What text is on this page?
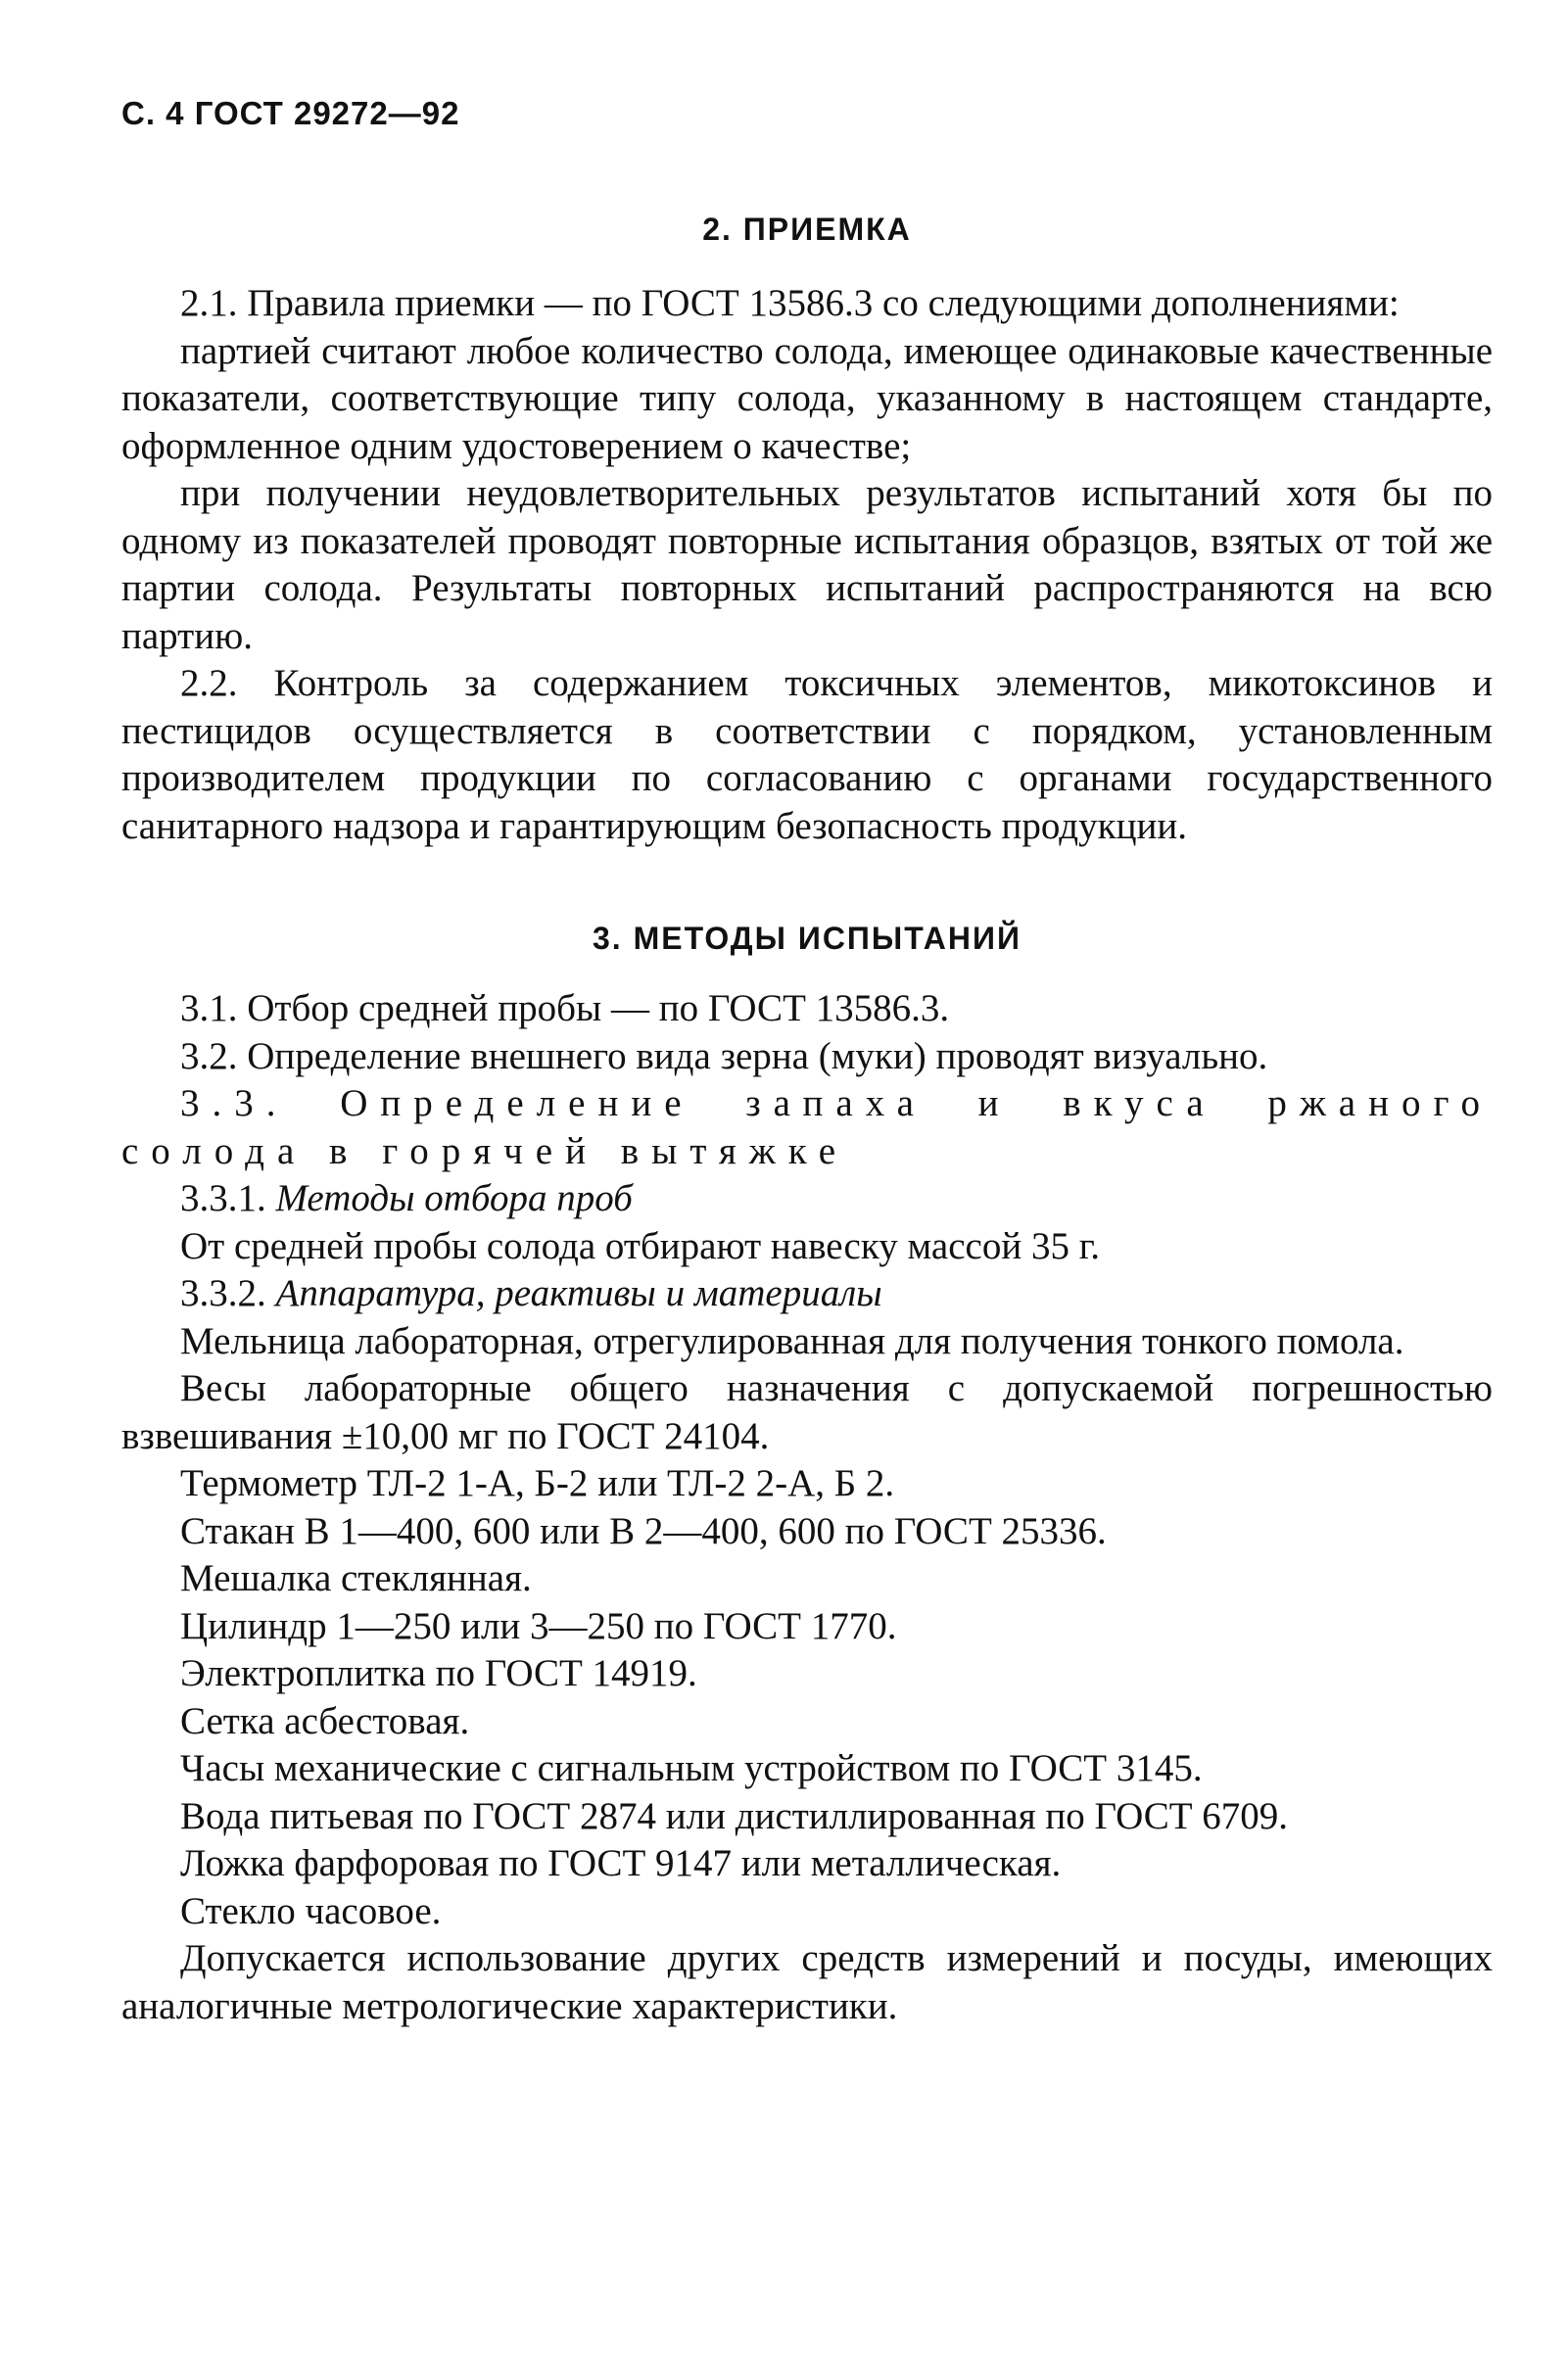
С. 4 ГОСТ 29272—92
2. ПРИЕМКА

2.1. Правила приемки — по ГОСТ 13586.3 со следующими дополнениями:

партией считают любое количество солода, имеющее одинаковые качественные показатели, соответствующие типу солода, указанному в настоящем стандарте, оформленное одним удостоверением о качестве;

при получении неудовлетворительных результатов испытаний хотя бы по одному из показателей проводят повторные испытания образцов, взятых от той же партии солода. Результаты повторных испытаний распространяются на всю партию.

2.2. Контроль за содержанием токсичных элементов, микотоксинов и пестицидов осуществляется в соответствии с порядком, установленным производителем продукции по согласованию с органами государственного санитарного надзора и гарантирующим безопасность продукции.

3. МЕТОДЫ ИСПЫТАНИЙ

3.1. Отбор средней пробы — по ГОСТ 13586.3.

3.2. Определение внешнего вида зерна (муки) проводят визуально.

3.3. Определение запаха и вкуса ржаного солода в горячей вытяжке

3.3.1. Методы отбора проб

От средней пробы солода отбирают навеску массой 35 г.

3.3.2. Аппаратура, реактивы и материалы

Мельница лабораторная, отрегулированная для получения тонкого помола.

Весы лабораторные общего назначения с допускаемой погрешностью взвешивания ±10,00 мг по ГОСТ 24104.

Термометр ТЛ-2 1-А, Б-2 или ТЛ-2 2-А, Б 2.

Стакан В 1—400, 600 или В 2—400, 600 по ГОСТ 25336.

Мешалка стеклянная.

Цилиндр 1—250 или 3—250 по ГОСТ 1770.

Электроплитка по ГОСТ 14919.

Сетка асбестовая.

Часы механические с сигнальным устройством по ГОСТ 3145.

Вода питьевая по ГОСТ 2874 или дистиллированная по ГОСТ 6709.

Ложка фарфоровая по ГОСТ 9147 или металлическая.

Стекло часовое.

Допускается использование других средств измерений и посуды, имеющих аналогичные метрологические характеристики.
